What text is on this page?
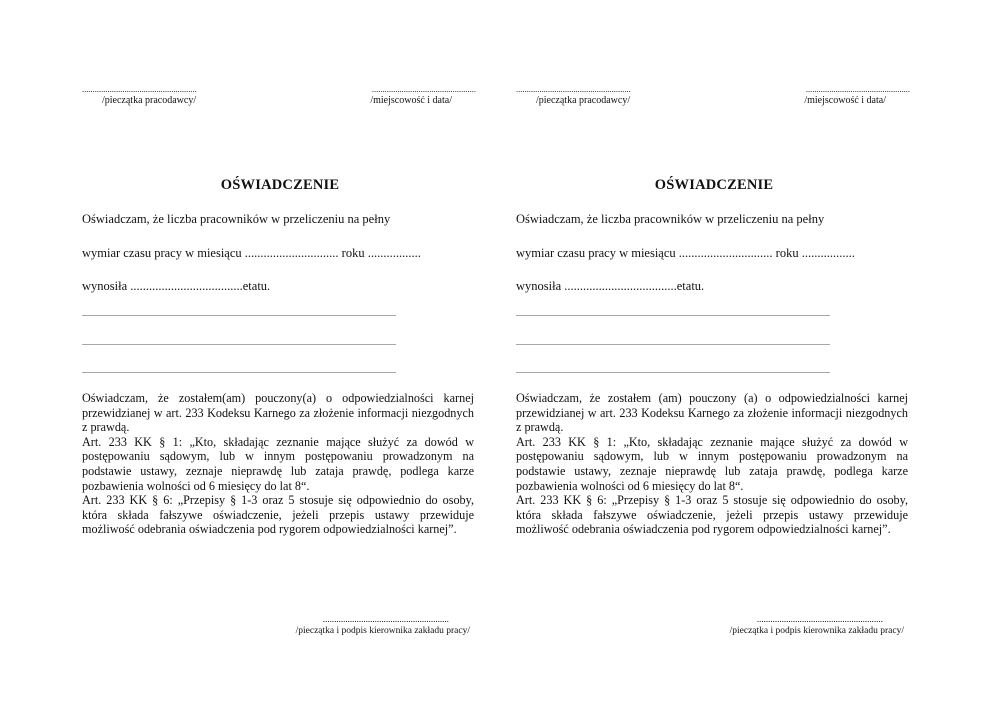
......................................................
/pieczątka pracodawcy/
.................................................
/miejscowość i data/
OŚWIADCZENIE
Oświadczam, że liczba pracowników w przeliczeniu na pełny
wymiar czasu pracy w miesiącu .............................. roku .................
wynosiła ....................................etatu.
.............................................................................................................................................................
.............................................................................................................................................................
.............................................................................................................................................................

Oświadczam, że zostałem(am) pouczony(a) o odpowiedzialności karnej przewidzianej w art. 233 Kodeksu Karnego za złożenie informacji niezgodnych z prawdą.

Art. 233 KK § 1: „Kto, składając zeznanie mające służyć za dowód w postępowaniu sądowym, lub w innym postępowaniu prowadzonym na podstawie ustawy, zeznaje nieprawdę lub zataja prawdę, podlega karze pozbawienia wolności od 6 miesięcy do lat 8“.

Art. 233 KK § 6: „Przepisy § 1-3 oraz 5 stosuje się odpowiednio do osoby, która składa fałszywe oświadczenie, jeżeli przepis ustawy przewiduje możliwość odebrania oświadczenia pod rygorem odpowiedzialności karnej”.

........................................................
/pieczątka i podpis kierownika zakładu pracy/
......................................................
/pieczątka pracodawcy/
.................................................
/miejscowość i data/
OŚWIADCZENIE
Oświadczam, że liczba pracowników w przeliczeniu na pełny
wymiar czasu pracy w miesiącu .............................. roku .................
wynosiła ....................................etatu.
.............................................................................................................................................................
.............................................................................................................................................................
.............................................................................................................................................................

Oświadczam, że zostałem (am) pouczony (a) o odpowiedzialności karnej przewidzianej w art. 233 Kodeksu Karnego za złożenie informacji niezgodnych z prawdą.

Art. 233 KK § 1: „Kto, składając zeznanie mające służyć za dowód w postępowaniu sądowym, lub w innym postępowaniu prowadzonym na podstawie ustawy, zeznaje nieprawdę lub zataja prawdę, podlega karze pozbawienia wolności od 6 miesięcy do lat 8“.

Art. 233 KK § 6: „Przepisy § 1-3 oraz 5 stosuje się odpowiednio do osoby, która składa fałszywe oświadczenie, jeżeli przepis ustawy przewiduje możliwość odebrania oświadczenia pod rygorem odpowiedzialności karnej”.

........................................................
/pieczątka i podpis kierownika zakładu pracy/
